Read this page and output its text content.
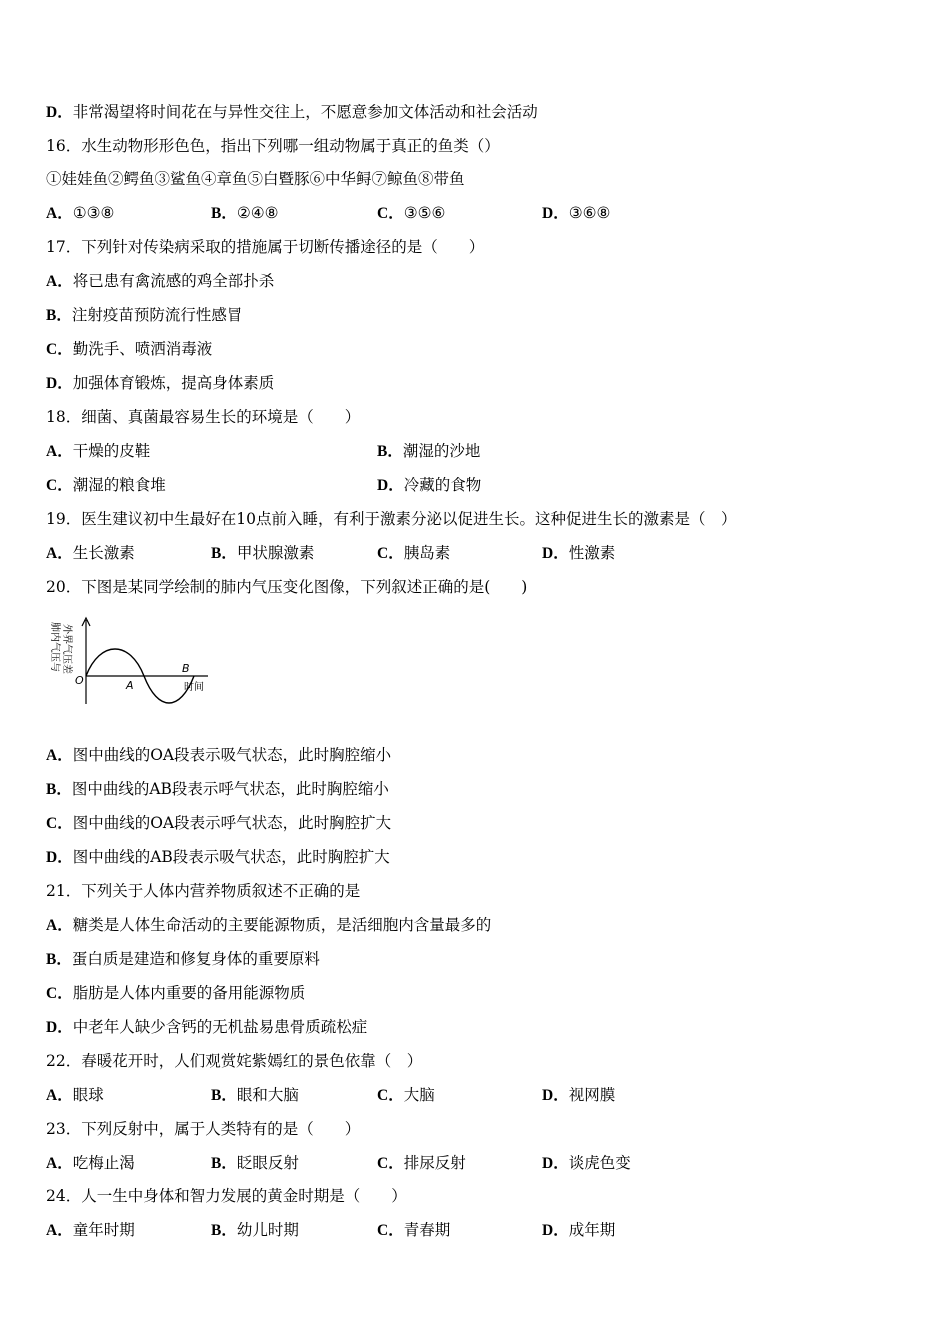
D．非常渴望将时间花在与异性交往上，不愿意参加文体活动和社会活动
16．水生动物形形色色，指出下列哪一组动物属于真正的鱼类（）
①娃娃鱼②鳄鱼③鲨鱼④章鱼⑤白暨豚⑥中华鲟⑦鲸鱼⑧带鱼
A．①③⑧	B．②④⑧	C．③⑤⑥	D．③⑥⑧
17．下列针对传染病采取的措施属于切断传播途径的是（　　）
A．将已患有禽流感的鸡全部扑杀
B．注射疫苗预防流行性感冒
C．勤洗手、喷洒消毒液
D．加强体育锻炼，提高身体素质
18．细菌、真菌最容易生长的环境是（　　）
A．干燥的皮鞋	B．潮湿的沙地
C．潮湿的粮食堆	D．冷藏的食物
19．医生建议初中生最好在10点前入睡，有利于激素分泌以促进生长。这种促进生长的激素是（　）
A．生长激素	B．甲状腺激素	C．胰岛素	D．性激素
20．下图是某同学绘制的肺内气压变化图像，下列叙述正确的是(　　)
肺内气压与 外界气压差
O	A
B
时间
A．图中曲线的OA段表示吸气状态，此时胸腔缩小
B．图中曲线的AB段表示呼气状态，此时胸腔缩小
C．图中曲线的OA段表示呼气状态，此时胸腔扩大
D．图中曲线的AB段表示吸气状态，此时胸腔扩大
21．下列关于人体内营养物质叙述不正确的是
A．糖类是人体生命活动的主要能源物质，是活细胞内含量最多的
B．蛋白质是建造和修复身体的重要原料
C．脂肪是人体内重要的备用能源物质
D．中老年人缺少含钙的无机盐易患骨质疏松症
22．春暖花开时，人们观赏姹紫嫣红的景色依靠（　）
A．眼球	B．眼和大脑	C．大脑	D．视网膜
23．下列反射中，属于人类特有的是（　　）
A．吃梅止渴	B．眨眼反射	C．排尿反射	D．谈虎色变
24．人一生中身体和智力发展的黄金时期是（　　）
A．童年时期	B．幼儿时期	C．青春期	D．成年期
